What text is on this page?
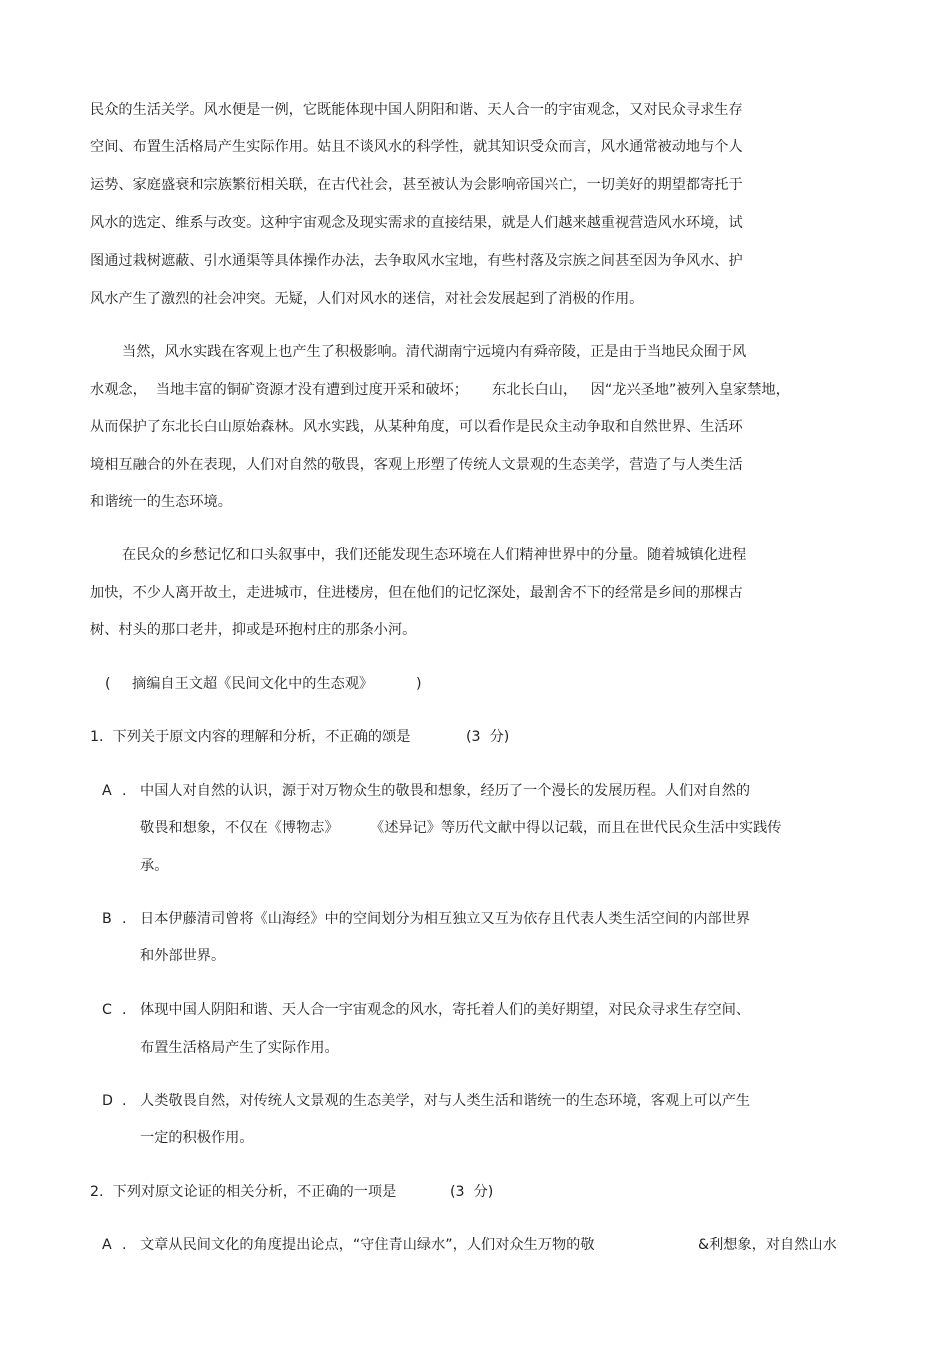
民众的生活关学。风水便是一例，它既能体现中国人阴阳和谐、天人合一的宇宙观念，又对民众寻求生存
空间、布置生活格局产生实际作用。姑且不谈风水的科学性，就其知识受众而言，风水通常被动地与个人
运势、家庭盛衰和宗族繁衍相关联，在古代社会，甚至被认为会影响帝国兴亡，一切美好的期望都寄托于
风水的选定、维系与改变。这种宇宙观念及现实需求的直接结果，就是人们越来越重视营造风水环境，试
图通过栽树遮蔽、引水通渠等具体操作办法，去争取风水宝地，有些村落及宗族之间甚至因为争风水、护
风水产生了激烈的社会冲突。无疑，人们对风水的迷信，对社会发展起到了消极的作用。
当然，风水实践在客观上也产生了积极影响。清代湖南宁远境内有舜帝陵，正是由于当地民众囿于风
水观念，  当地丰富的铜矿资源才没有遭到过度开采和破坏； 东北长白山，   因“龙兴圣地”被列入皇家禁地，
从而保护了东北长白山原始森林。风水实践，从某种角度，可以看作是民众主动争取和自然世界、生活环
境相互融合的外在表现，人们对自然的敬畏，客观上形塑了传统人文景观的生态美学，营造了与人类生活
和谐统一的生态环境。
在民众的乡愁记忆和口头叙事中，我们还能发现生态环境在人们精神世界中的分量。随着城镇化进程
加快，不少人离开故土，走进城市，住进楼房，但在他们的记忆深处，最割舍不下的经常是乡间的那棵古
树、村头的那口老井，抑或是环抱村庄的那条小河。
( 摘编自王文超《民间文化中的生态观》	)
1.  下列关于原文内容的理解和分析，不正确的颂是	(3  分)
A . 中国人对自然的认识，源于对万物众生的敬畏和想象，经历了一个漫长的发展历程。人们对自然的
敬畏和想象，不仅在《博物志》 《述异记》等历代文献中得以记载，而且在世代民众生活中实践传
承。
B . 日本伊藤清司曾将《山海经》中的空间划分为相互独立又互为依存且代表人类生活空间的内部世界
和外部世界。
C . 体现中国人阴阳和谐、天人合一宇宙观念的风水，寄托着人们的美好期望，对民众寻求生存空间、
布置生活格局产生了实际作用。
D . 人类敬畏自然，对传统人文景观的生态美学，对与人类生活和谐统一的生态环境，客观上可以产生
一定的积极作用。
2.  下列对原文论证的相关分析，不正确的一项是	(3  分)
A . 文章从民间文化的角度提出论点，“守住青山绿水”，人们对众生万物的敬	&利想象，对自然山水
